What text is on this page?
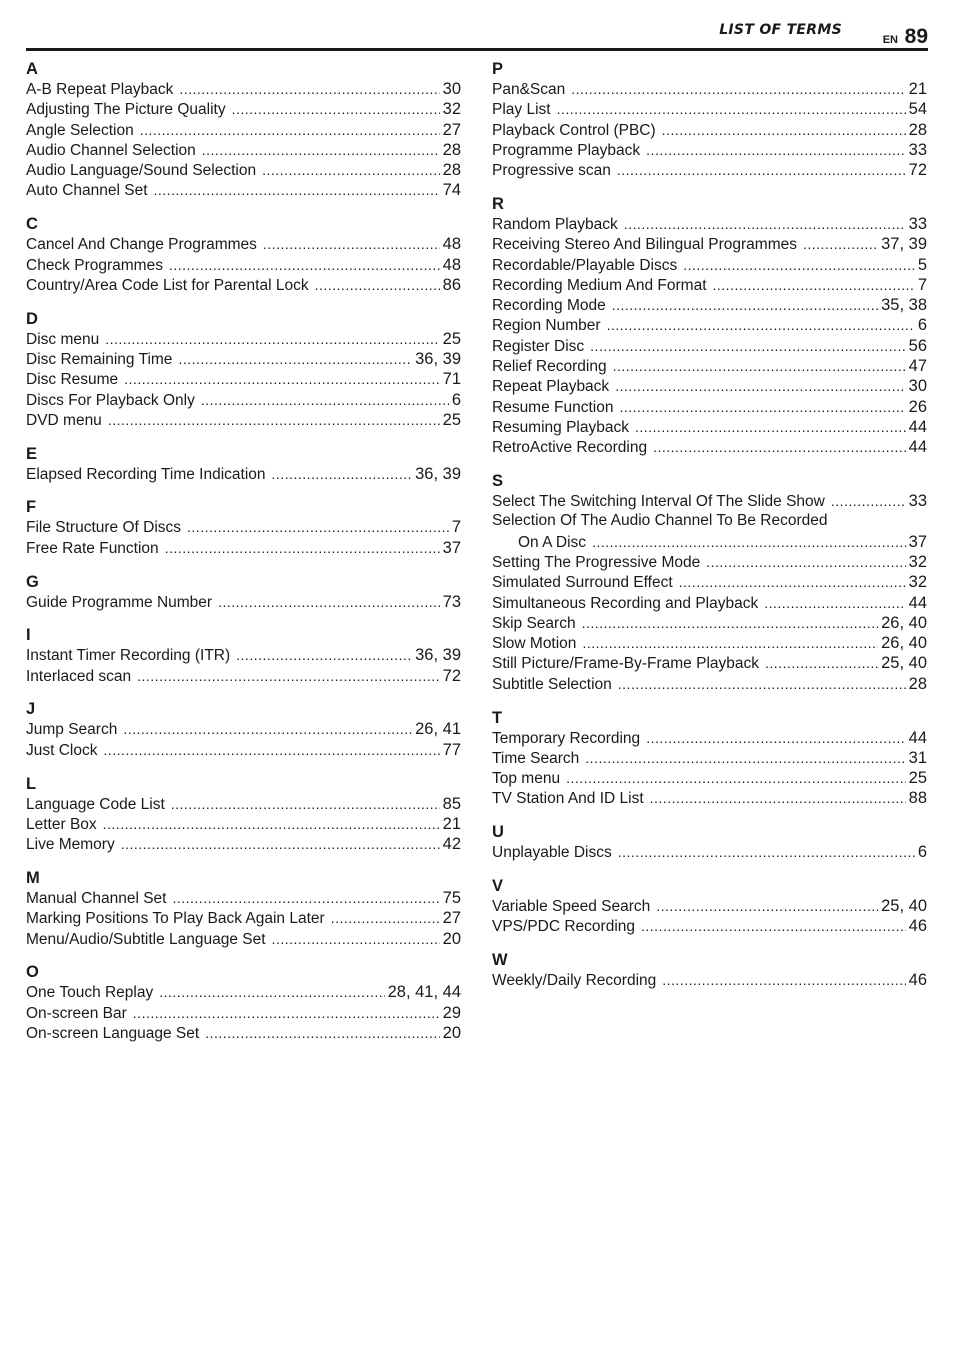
LIST OF TERMS
EN 89
A
A-B Repeat Playback .....	30
Adjusting The Picture Quality .....	32
Angle Selection .....	27
Audio Channel Selection .....	28
Audio Language/Sound Selection .....	28
Auto Channel Set .....	74
C
Cancel And Change Programmes .....	48
Check Programmes .....	48
Country/Area Code List for Parental Lock .....	86
D
Disc menu .....	25
Disc Remaining Time .....	36, 39
Disc Resume .....	71
Discs For Playback Only .....	6
DVD menu .....	25
E
Elapsed Recording Time Indication .....	36, 39
F
File Structure Of Discs .....	7
Free Rate Function .....	37
G
Guide Programme Number .....	73
I
Instant Timer Recording (ITR) .....	36, 39
Interlaced scan .....	72
J
Jump Search .....	26, 41
Just Clock .....	77
L
Language Code List .....	85
Letter Box .....	21
Live Memory .....	42
M
Manual Channel Set .....	75
Marking Positions To Play Back Again Later .....	27
Menu/Audio/Subtitle Language Set .....	20
O
One Touch Replay .....	28, 41, 44
On-screen Bar .....	29
On-screen Language Set .....	20
P
Pan&Scan .....	21
Play List .....	54
Playback Control (PBC) .....	28
Programme Playback .....	33
Progressive scan .....	72
R
Random Playback .....	33
Receiving Stereo And Bilingual Programmes .....	37, 39
Recordable/Playable Discs .....	5
Recording Medium And Format .....	7
Recording Mode .....	35, 38
Region Number .....	6
Register Disc .....	56
Relief Recording .....	47
Repeat Playback .....	30
Resume Function .....	26
Resuming Playback .....	44
RetroActive Recording .....	44
S
Select The Switching Interval Of The Slide Show .....	33
Selection Of The Audio Channel To Be Recorded
On A Disc .....	37
Setting The Progressive Mode .....	32
Simulated Surround Effect .....	32
Simultaneous Recording and Playback .....	44
Skip Search .....	26, 40
Slow Motion .....	26, 40
Still Picture/Frame-By-Frame Playback .....	25, 40
Subtitle Selection .....	28
T
Temporary Recording .....	44
Time Search .....	31
Top menu .....	25
TV Station And ID List .....	88
U
Unplayable Discs .....	6
V
Variable Speed Search .....	25, 40
VPS/PDC Recording .....	46
W
Weekly/Daily Recording .....	46
